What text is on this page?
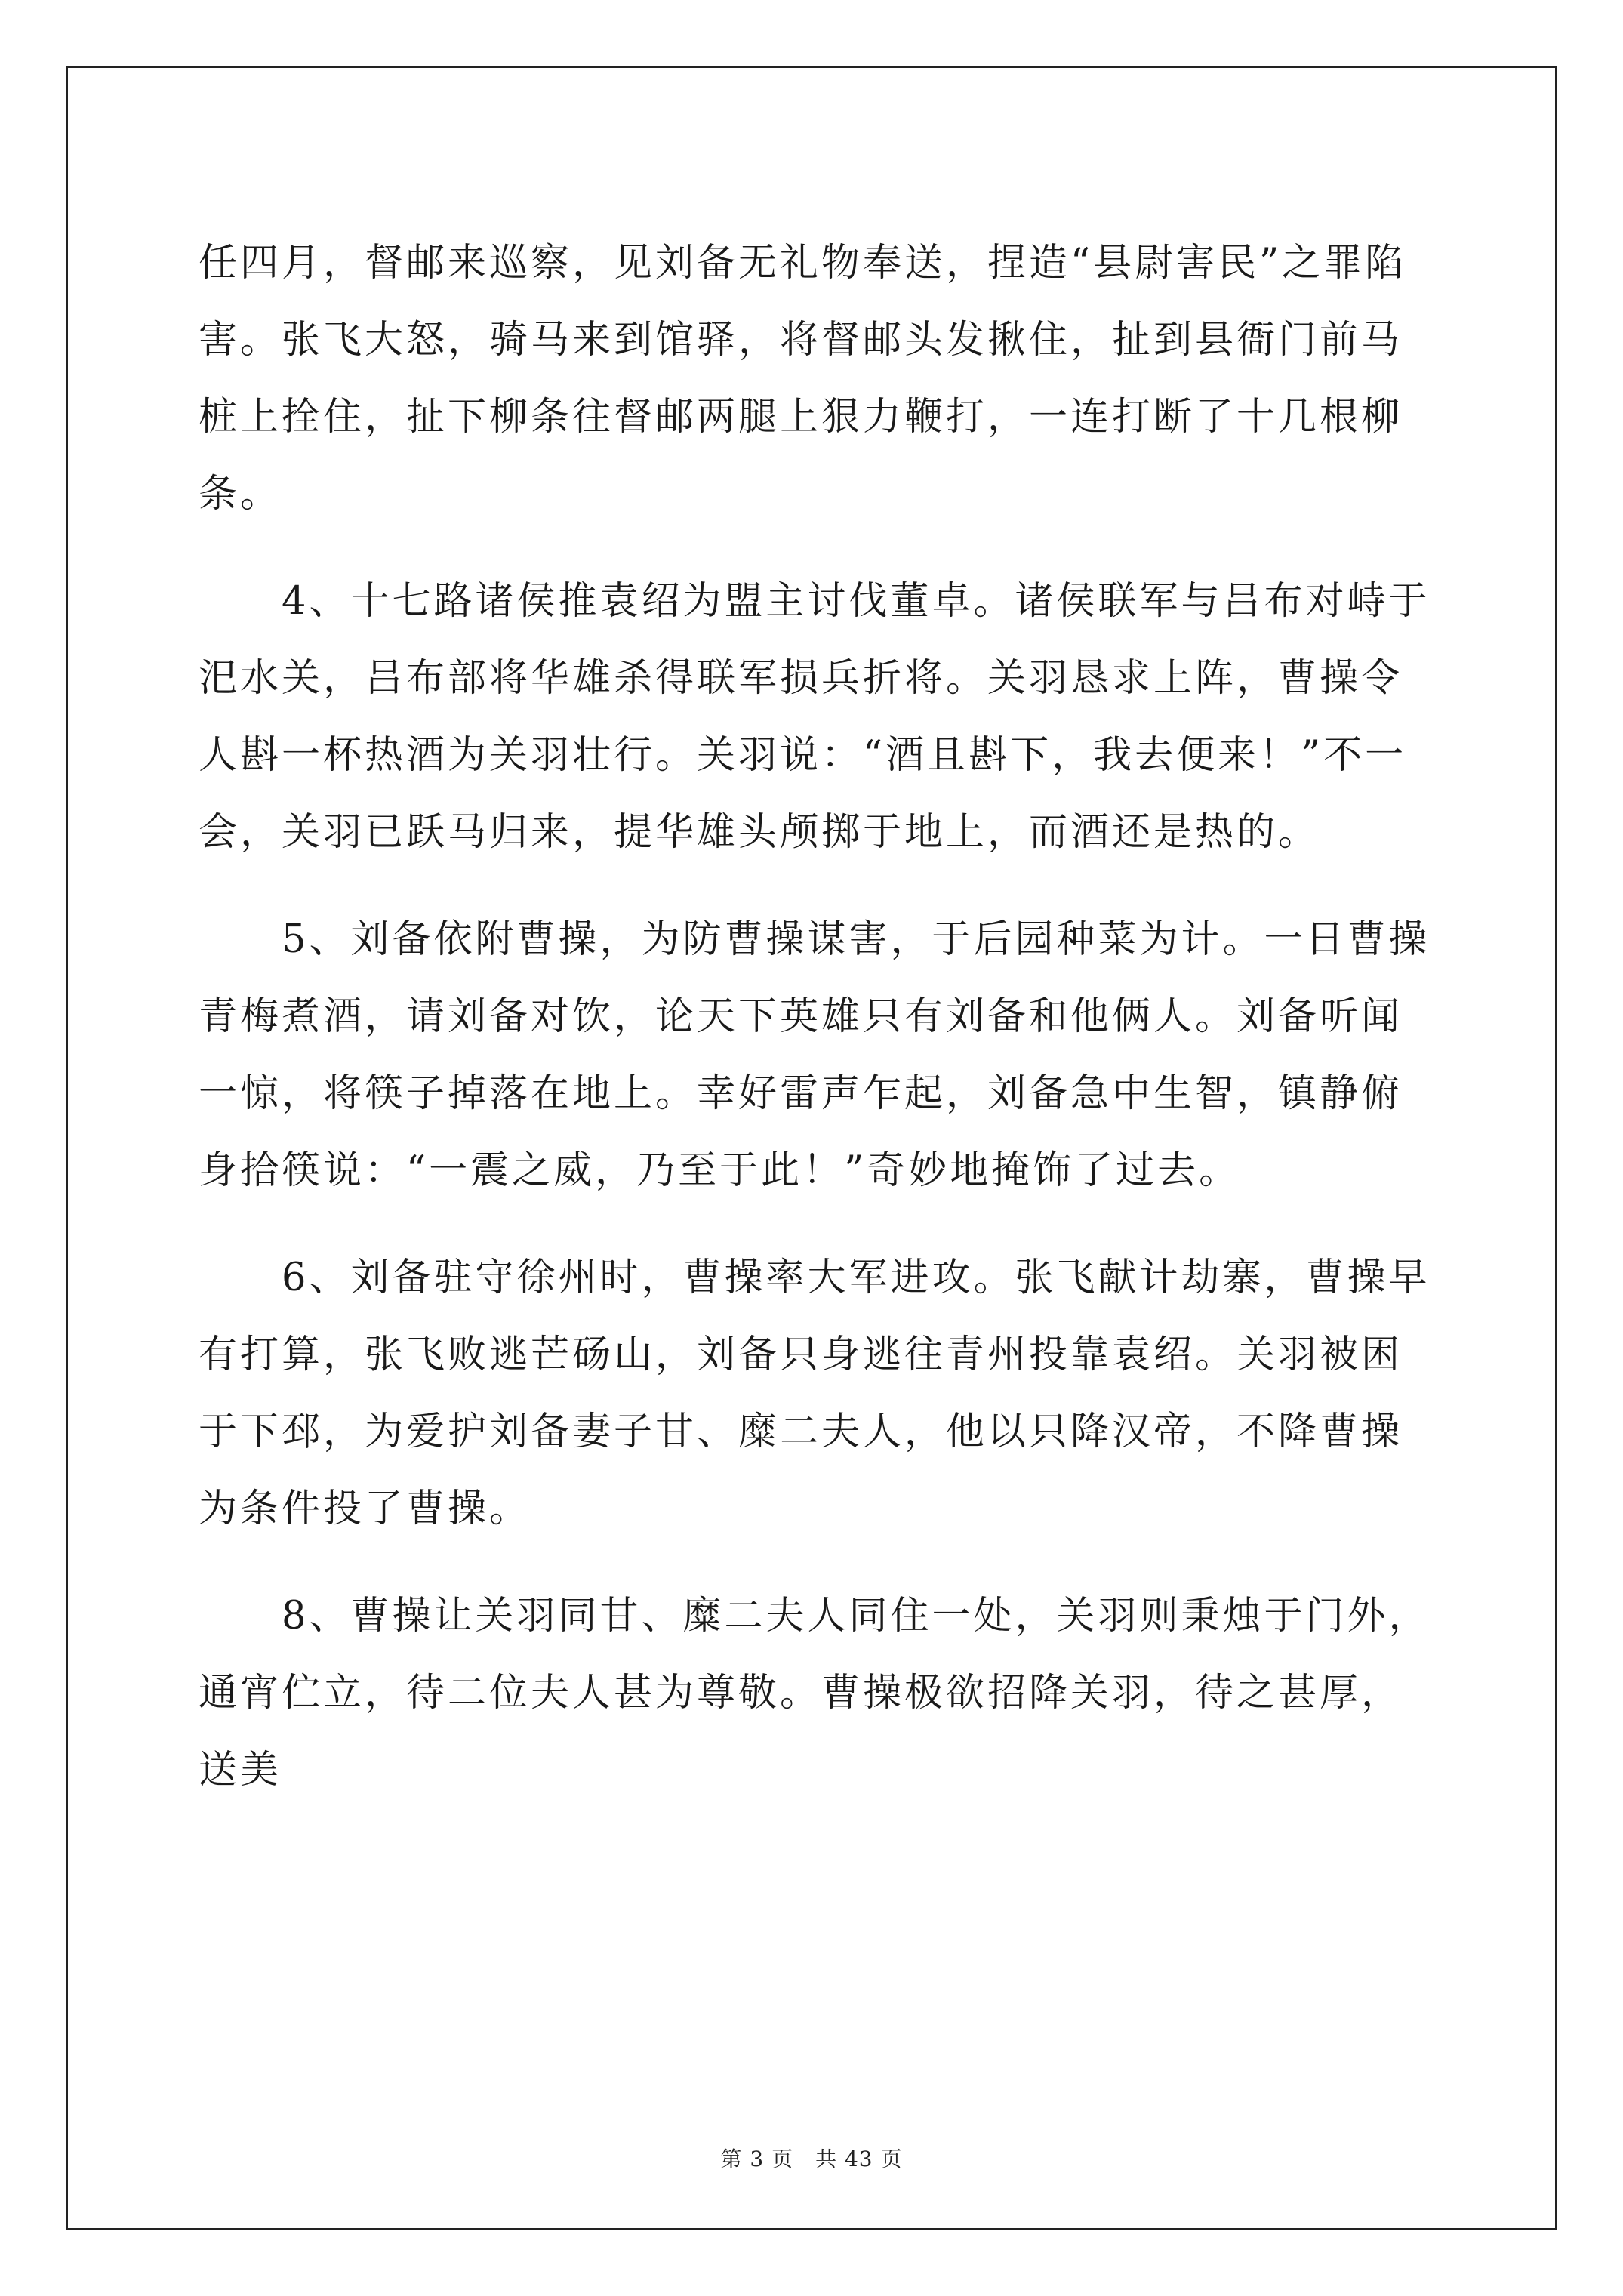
任四月，督邮来巡察，见刘备无礼物奉送，捏造“县尉害民”之罪陷害。张飞大怒，骑马来到馆驿，将督邮头发揪住，扯到县衙门前马桩上拴住，扯下柳条往督邮两腿上狠力鞭打，一连打断了十几根柳条。

4、十七路诸侯推袁绍为盟主讨伐董卓。诸侯联军与吕布对峙于汜水关，吕布部将华雄杀得联军损兵折将。关羽恳求上阵，曹操令人斟一杯热酒为关羽壮行。关羽说：“酒且斟下，我去便来！”不一会，关羽已跃马归来，提华雄头颅掷于地上，而酒还是热的。

5、刘备依附曹操，为防曹操谋害，于后园种菜为计。一日曹操青梅煮酒，请刘备对饮，论天下英雄只有刘备和他俩人。刘备听闻一惊，将筷子掉落在地上。幸好雷声乍起，刘备急中生智，镇静俯身拾筷说：“一震之威，乃至于此！”奇妙地掩饰了过去。

6、刘备驻守徐州时，曹操率大军进攻。张飞献计劫寨，曹操早有打算，张飞败逃芒砀山，刘备只身逃往青州投靠袁绍。关羽被困于下邳，为爱护刘备妻子甘、糜二夫人，他以只降汉帝，不降曹操为条件投了曹操。

8、曹操让关羽同甘、糜二夫人同住一处，关羽则秉烛于门外，通宵伫立，待二位夫人甚为尊敬。曹操极欲招降关羽，待之甚厚，送美

第 3 页　共 43 页
